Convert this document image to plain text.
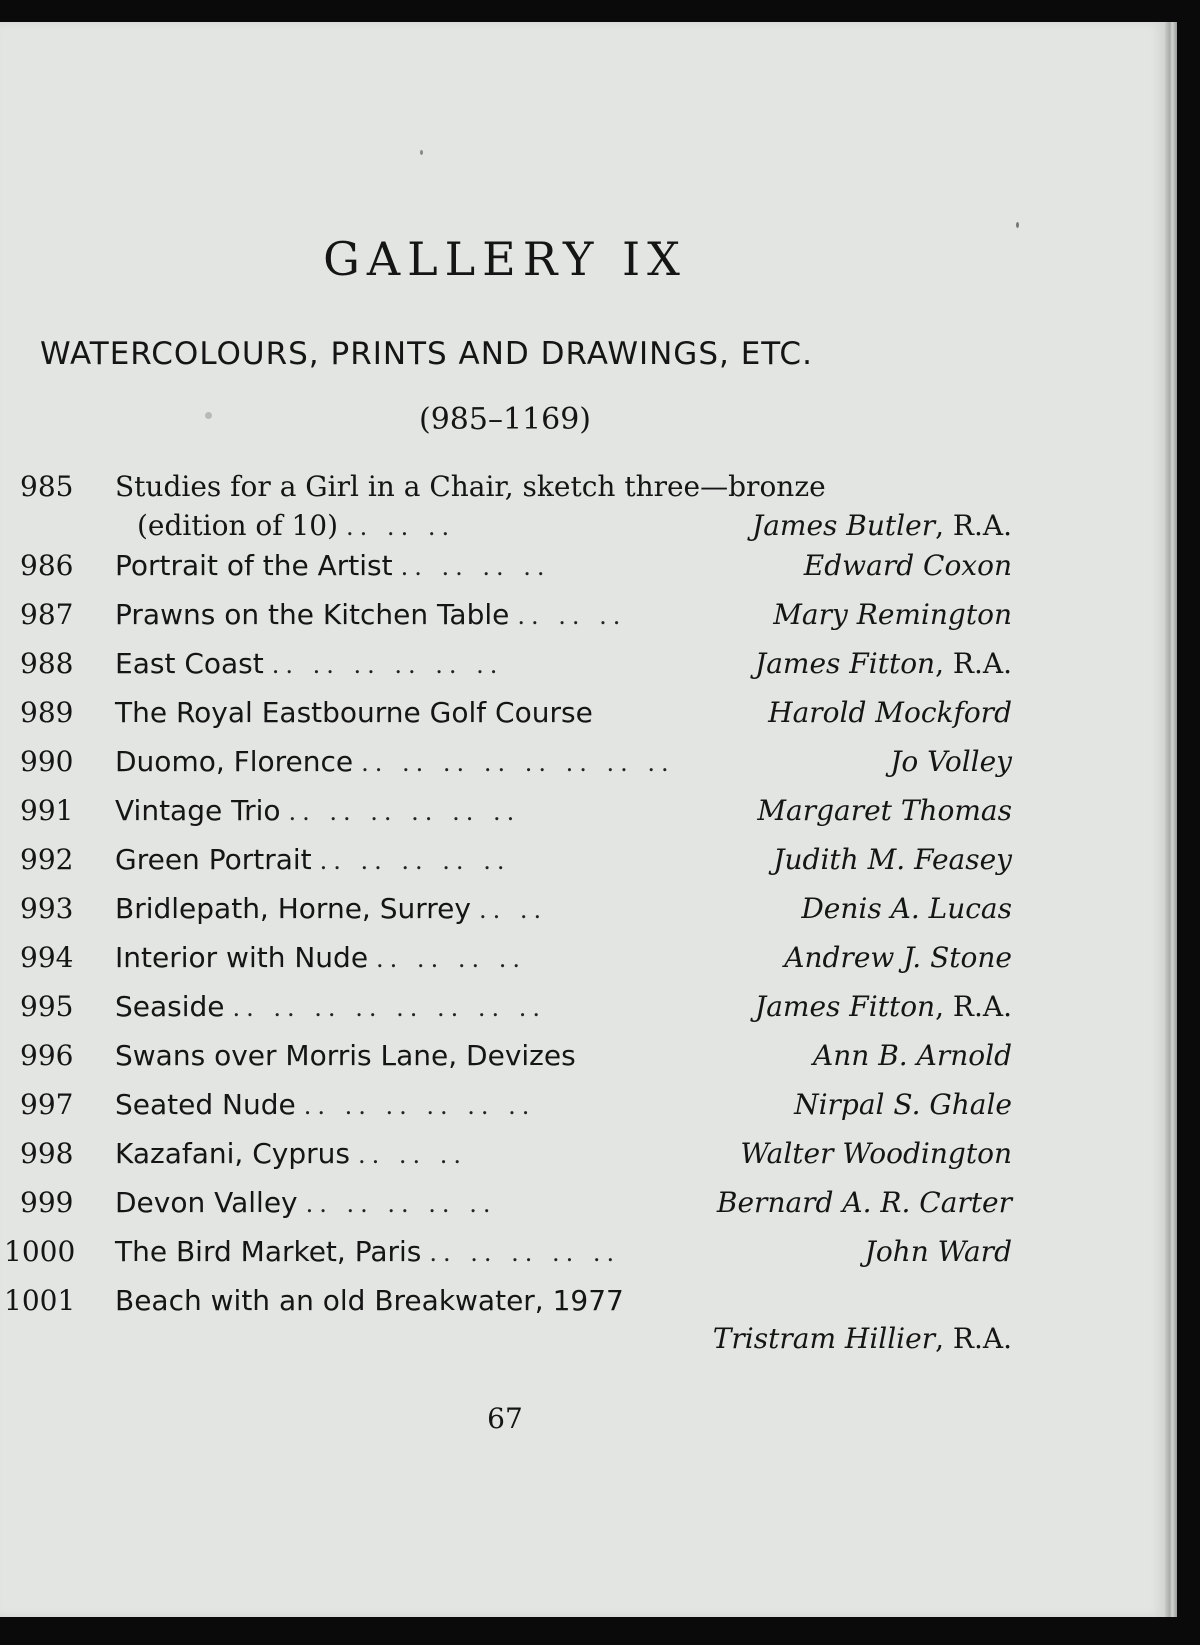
GALLERY IX
WATERCOLOURS, PRINTS AND DRAWINGS, ETC.
(985–1169)
985	Studies for a Girl in a Chair, sketch three—bronze
(edition of 10) .. .. ..	James Butler, R.A.
986	Portrait of the Artist .. .. .. ..	Edward Coxon
987	Prawns on the Kitchen Table .. .. ..	Mary Remington
988	East Coast .. .. .. .. .. ..	James Fitton, R.A.
989	The Royal Eastbourne Golf Course	Harold Mockford
990	Duomo, Florence .. .. .. .. .. .. .. ..	Jo Volley
991	Vintage Trio .. .. .. .. .. ..	Margaret Thomas
992	Green Portrait .. .. .. .. ..	Judith M. Feasey
993	Bridlepath, Horne, Surrey .. ..	Denis A. Lucas
994	Interior with Nude .. .. .. ..	Andrew J. Stone
995	Seaside .. .. .. .. .. .. .. ..	James Fitton, R.A.
996	Swans over Morris Lane, Devizes	Ann B. Arnold
997	Seated Nude .. .. .. .. .. ..	Nirpal S. Ghale
998	Kazafani, Cyprus .. .. ..	Walter Woodington
999	Devon Valley .. .. .. .. ..	Bernard A. R. Carter
1000	The Bird Market, Paris .. .. .. .. ..	John Ward
1001	Beach with an old Breakwater, 1977
Tristram Hillier, R.A.
67
